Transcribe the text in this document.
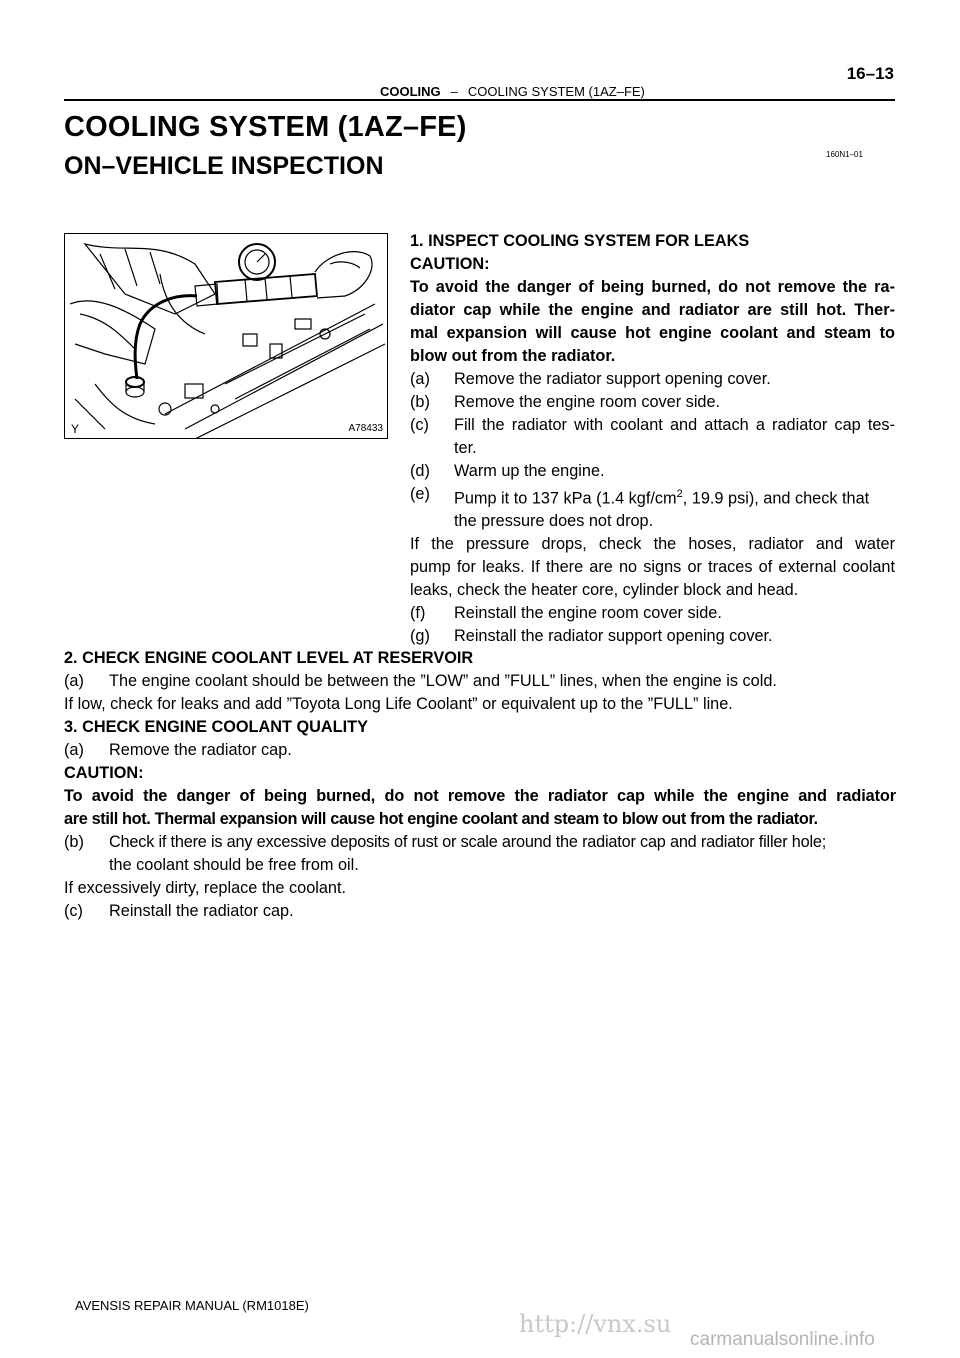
COOLING – COOLING SYSTEM (1AZ–FE)
16–13
COOLING SYSTEM (1AZ–FE)
ON–VEHICLE INSPECTION	160N1–01
Y	A78433
1. INSPECT COOLING SYSTEM FOR LEAKS
CAUTION:
To avoid the danger of being burned, do not remove the ra-
diator cap while the engine and radiator are still hot. Ther-
mal expansion will cause hot engine coolant and steam to
blow out from the radiator.
(a)	Remove the radiator support opening cover.
(b)	Remove the engine room cover side.
(c)	Fill the radiator with coolant and attach a radiator cap tes-
ter.
(d)	Warm up the engine.
(e)	Pump it to 137 kPa (1.4 kgf/$cm^2$, 19.9 psi), and check that
the pressure does not drop.
If the pressure drops, check the hoses, radiator and water
pump for leaks. If there are no signs or traces of external coolant
leaks, check the heater core, cylinder block and head.
(f)	Reinstall the engine room cover side.
(g)	Reinstall the radiator support opening cover.
2. CHECK ENGINE COOLANT LEVEL AT RESERVOIR
(a)	The engine coolant should be between the ”LOW” and ”FULL” lines, when the engine is cold.
If low, check for leaks and add ”Toyota Long Life Coolant” or equivalent up to the ”FULL” line.
3. CHECK ENGINE COOLANT QUALITY
(a)	Remove the radiator cap.
CAUTION:
To avoid the danger of being burned, do not remove the radiator cap while the engine and radiator
are still hot. Thermal expansion will cause hot engine coolant and steam to blow out from the radiator.
(b)	Check if there is any excessive deposits of rust or scale around the radiator cap and radiator filler hole;
the coolant should be free from oil.
If excessively dirty, replace the coolant.
(c)	Reinstall the radiator cap.
AVENSIS REPAIR MANUAL (RM1018E)
http://vnx.su
carmanualsonline.info
